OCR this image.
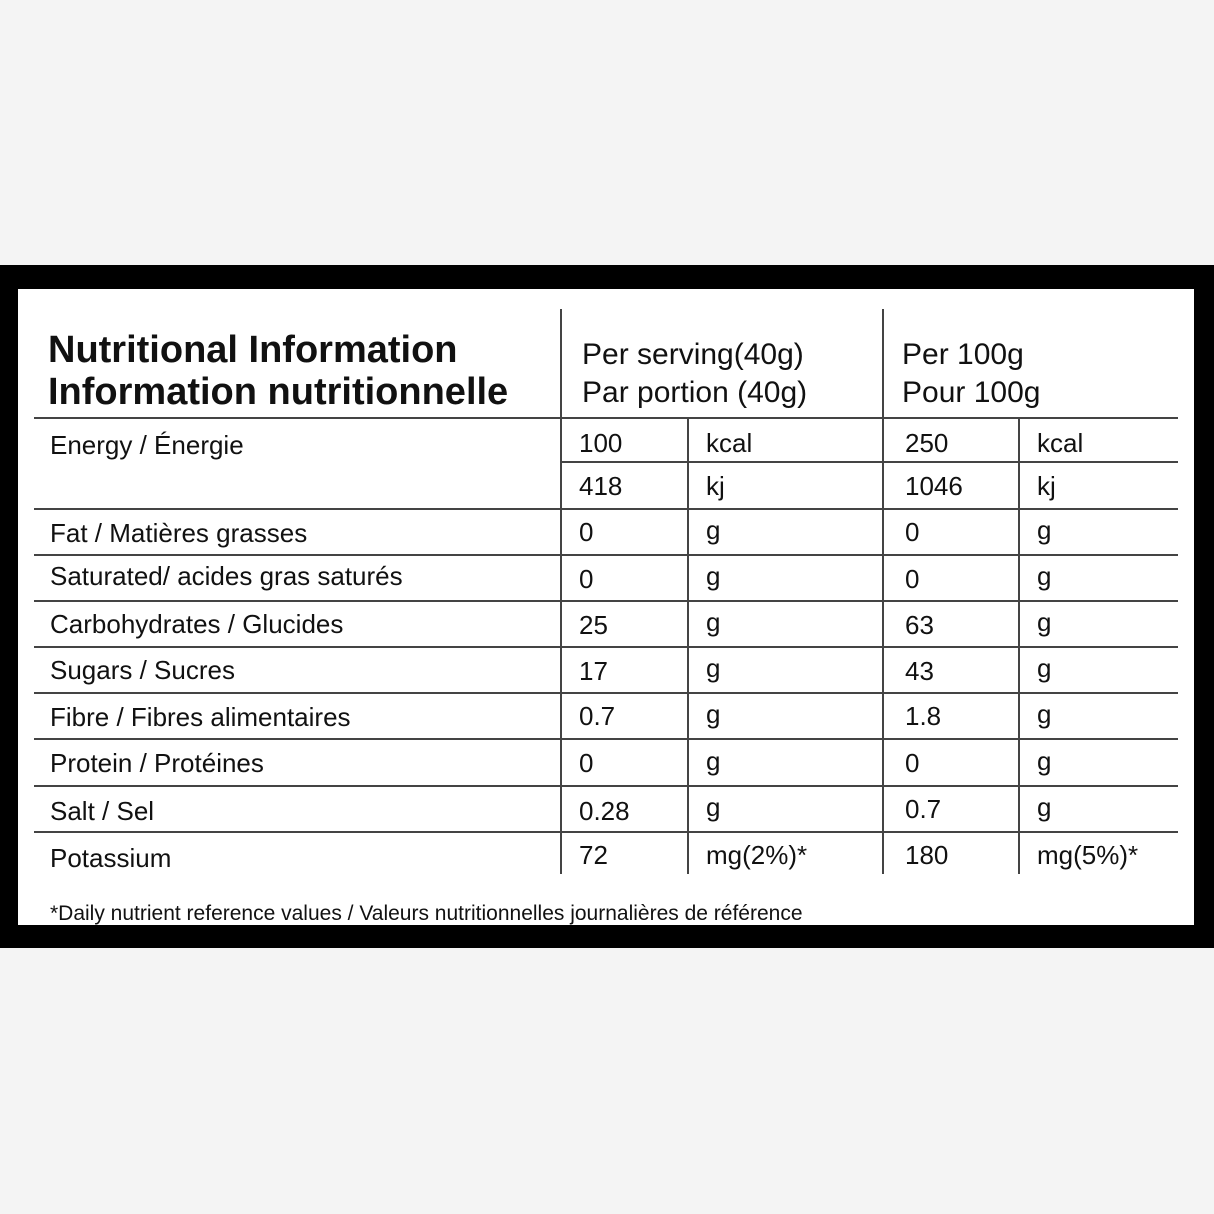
Nutritional Information
Information nutritionnelle
Per serving(40g)
Par portion (40g)
Per 100g
Pour 100g
Energy / Énergie	100	kcal	250	kcal
418	kj	1046	kj
Fat / Matières grasses	0	g	0	g
Saturated/ acides gras saturés	0	g	0	g
Carbohydrates / Glucides	25	g	63	g
Sugars / Sucres	17	g	43	g
Fibre / Fibres alimentaires	0.7	g	1.8	g
Protein / Protéines	0	g	0	g
Salt / Sel	0.28	g	0.7	g
Potassium	72	mg(2%)*	180	mg(5%)*
*Daily nutrient reference values / Valeurs nutritionnelles journalières de référence
